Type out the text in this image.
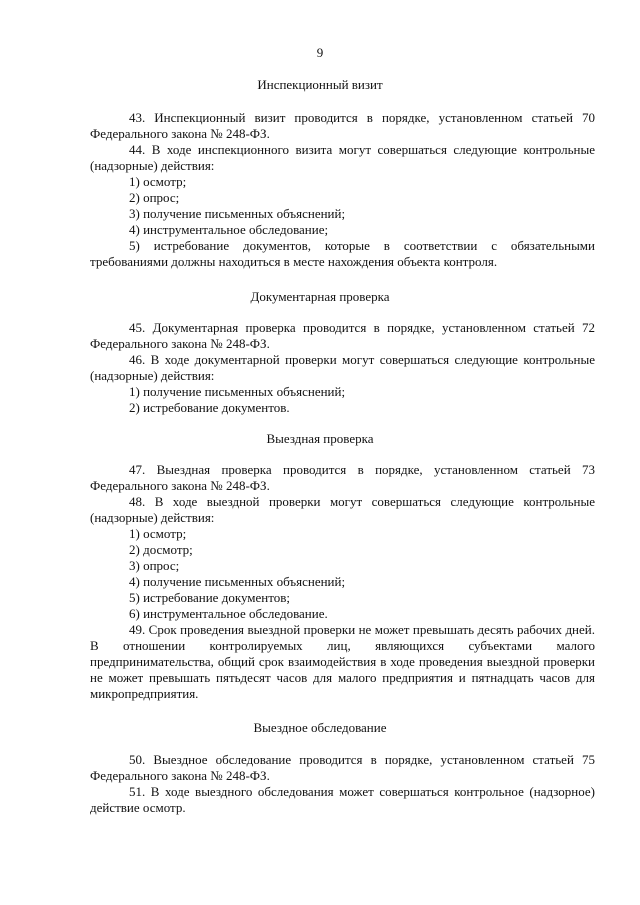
9
Инспекционный визит

43. Инспекционный визит проводится в порядке, установленном статьей 70 Федерального закона № 248-ФЗ.

44. В ходе инспекционного визита могут совершаться следующие контрольные (надзорные) действия:

1) осмотр;

2) опрос;

3) получение письменных объяснений;

4) инструментальное обследование;

5) истребование документов, которые в соответствии с обязательными требованиями должны находиться в месте нахождения объекта контроля.

Документарная проверка

45. Документарная проверка проводится в порядке, установленном статьей 72 Федерального закона № 248-ФЗ.

46. В ходе документарной проверки могут совершаться следующие контрольные (надзорные) действия:

1) получение письменных объяснений;

2) истребование документов.

Выездная проверка

47. Выездная проверка проводится в порядке, установленном статьей 73 Федерального закона № 248-ФЗ.

48. В ходе выездной проверки могут совершаться следующие контрольные (надзорные) действия:

1) осмотр;

2) досмотр;

3) опрос;

4) получение письменных объяснений;

5) истребование документов;

6) инструментальное обследование.

49. Срок проведения выездной проверки не может превышать десять рабочих дней. В отношении контролируемых лиц, являющихся субъектами малого предпринимательства, общий срок взаимодействия в ходе проведения выездной проверки не может превышать пятьдесят часов для малого предприятия и пятнадцать часов для микропредприятия.

Выездное обследование

50. Выездное обследование проводится в порядке, установленном статьей 75 Федерального закона № 248-ФЗ.

51. В ходе выездного обследования может совершаться контрольное (надзорное) действие осмотр.
